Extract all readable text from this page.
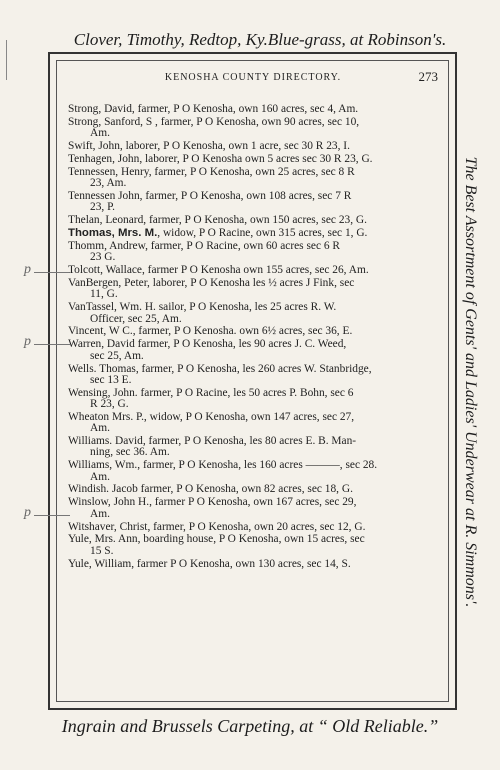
Clover, Timothy, Redtop, Ky.Blue-grass, at Robinson's.
The Best Assortment of Gents' and Ladies' Underwear at R. Simmons'.
Ingrain and Brussels Carpeting, at “ Old Reliable.”
KENOSHA COUNTY DIRECTORY.	273
p
p
p
Strong, David, farmer, P O Kenosha, own 160 acres, sec 4, Am.
Strong, Sanford, S , farmer, P O Kenosha, own 90 acres, sec 10,
Am.
Swift, John, laborer, P O Kenosha, own 1 acre, sec 30 R 23, I.
Tenhagen, John, laborer, P O Kenosha own 5 acres sec 30 R 23, G.
Tennessen, Henry, farmer, P O Kenosha, own 25 acres, sec 8 R
23, Am.
Tennessen John, farmer, P O Kenosha, own 108 acres, sec 7 R
23, P.
Thelan, Leonard, farmer, P O Kenosha, own 150 acres, sec 23, G.
Thomas, Mrs. M., widow, P O Racine, own 315 acres, sec 1, G.
Thomm, Andrew, farmer, P O Racine, own 60 acres sec 6 R
23 G.
Tolcott, Wallace, farmer P O Kenosha own 155 acres, sec 26, Am.
VanBergen, Peter, laborer, P O Kenosha les ½ acres J Fink, sec
11, G.
VanTassel, Wm. H. sailor, P O Kenosha, les 25 acres R. W.
Officer, sec 25, Am.
Vincent, W C., farmer, P O Kenosha. own 6½ acres, sec 36, E.
Warren, David farmer, P O Kenosha, les 90 acres J. C. Weed,
sec 25, Am.
Wells. Thomas, farmer, P O Kenosha, les 260 acres W. Stanbridge,
sec 13 E.
Wensing, John. farmer, P O Racine, les 50 acres P. Bohn, sec 6
R 23, G.
Wheaton Mrs. P., widow, P O Kenosha, own 147 acres, sec 27,
Am.
Williams. David, farmer, P O Kenosha, les 80 acres E. B. Man-
ning, sec 36. Am.
Williams, Wm., farmer, P O Kenosha, les 160 acres ———, sec 28.
Am.
Windish. Jacob farmer, P O Kenosha, own 82 acres, sec 18, G.
Winslow, John H., farmer P O Kenosha, own 167 acres, sec 29,
Am.
Witshaver, Christ, farmer, P O Kenosha, own 20 acres, sec 12, G.
Yule, Mrs. Ann, boarding house, P O Kenosha, own 15 acres, sec
15 S.
Yule, William, farmer P O Kenosha, own 130 acres, sec 14, S.
